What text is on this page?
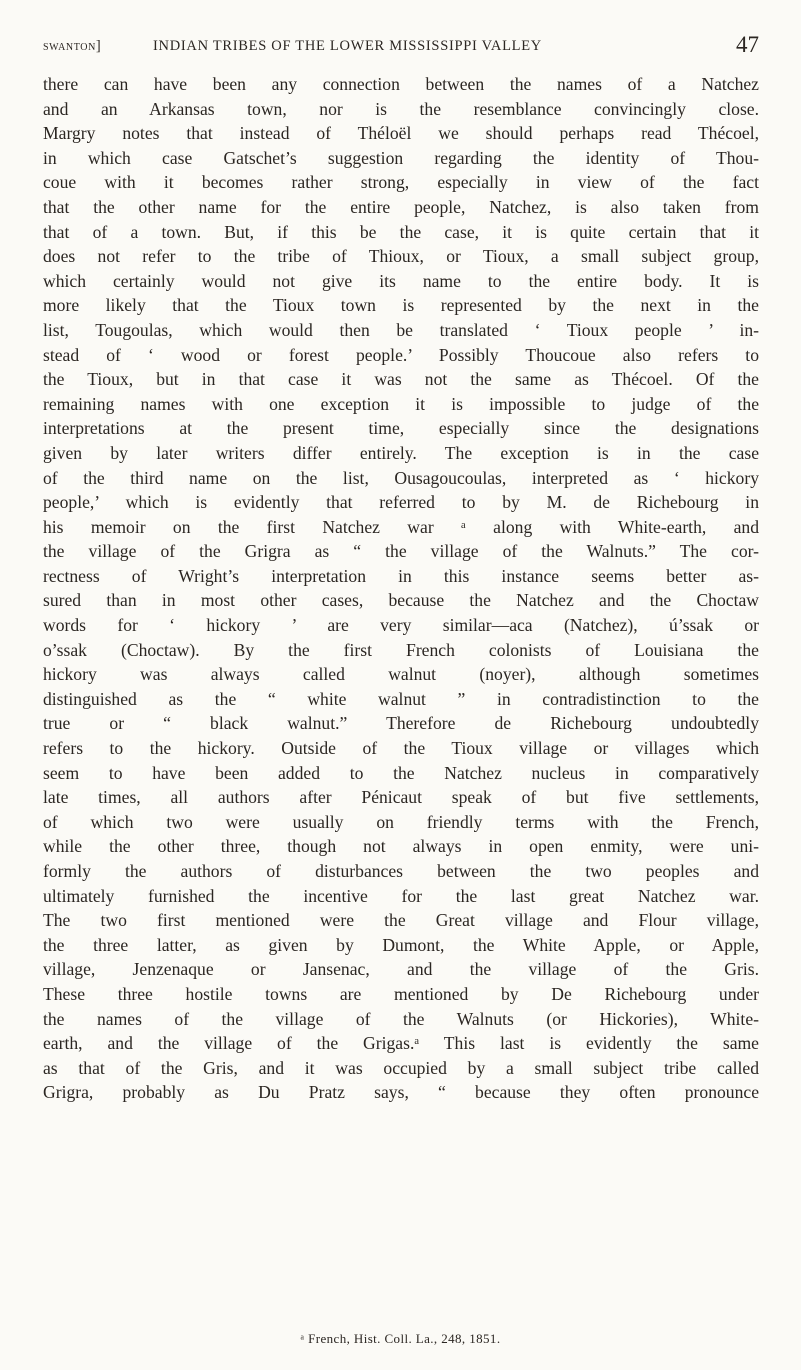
swanton]	INDIAN TRIBES OF THE LOWER MISSISSIPPI VALLEY	47
there can have been any connection between the names of a Natchez
and an Arkansas town, nor is the resemblance convincingly close.
Margry notes that instead of Théloël we should perhaps read Thécoel,
in which case Gatschet’s suggestion regarding the identity of Thou-
coue with it becomes rather strong, especially in view of the fact
that the other name for the entire people, Natchez, is also taken from
that of a town. But, if this be the case, it is quite certain that it
does not refer to the tribe of Thioux, or Tioux, a small subject group,
which certainly would not give its name to the entire body. It is
more likely that the Tioux town is represented by the next in the
list, Tougoulas, which would then be translated ‘ Tioux people ’ in-
stead of ‘ wood or forest people.’ Possibly Thoucoue also refers to
the Tioux, but in that case it was not the same as Thécoel. Of the
remaining names with one exception it is impossible to judge of the
interpretations at the present time, especially since the designations
given by later writers differ entirely. The exception is in the case
of the third name on the list, Ousagoucoulas, interpreted as ‘ hickory
people,’ which is evidently that referred to by M. de Richebourg in
his memoir on the first Natchez war ᵃ along with White-earth, and
the village of the Grigra as “ the village of the Walnuts.” The cor-
rectness of Wright’s interpretation in this instance seems better as-
sured than in most other cases, because the Natchez and the Choctaw
words for ‘ hickory ’ are very similar—aca (Natchez), ú’ssak or
o’ssak (Choctaw). By the first French colonists of Louisiana the
hickory was always called walnut (noyer), although sometimes
distinguished as the “ white walnut ” in contradistinction to the
true or “ black walnut.” Therefore de Richebourg undoubtedly
refers to the hickory. Outside of the Tioux village or villages which
seem to have been added to the Natchez nucleus in comparatively
late times, all authors after Pénicaut speak of but five settlements,
of which two were usually on friendly terms with the French,
while the other three, though not always in open enmity, were uni-
formly the authors of disturbances between the two peoples and
ultimately furnished the incentive for the last great Natchez war.
The two first mentioned were the Great village and Flour village,
the three latter, as given by Dumont, the White Apple, or Apple,
village, Jenzenaque or Jansenac, and the village of the Gris.
These three hostile towns are mentioned by De Richebourg under
the names of the village of the Walnuts (or Hickories), White-
earth, and the village of the Grigas.ᵃ This last is evidently the same
as that of the Gris, and it was occupied by a small subject tribe called
Grigra, probably as Du Pratz says, “ because they often pronounce
ᵃ French, Hist. Coll. La., 248, 1851.
